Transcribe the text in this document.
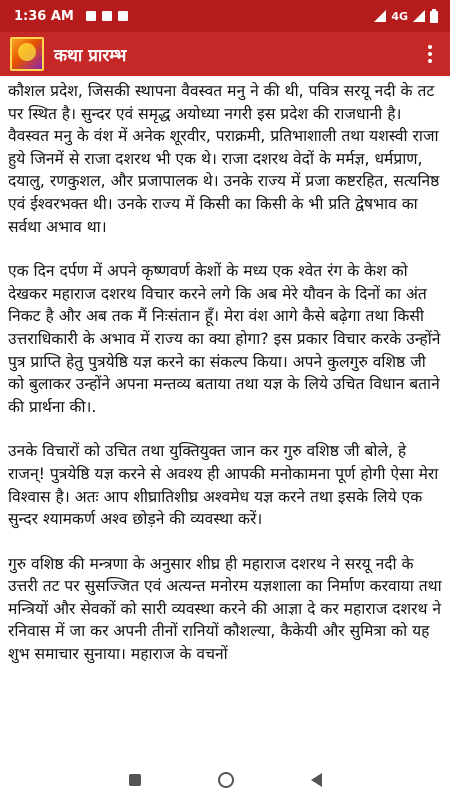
1:36 AM	4G
कथा प्रारम्भ

कौशल प्रदेश, जिसकी स्थापना वैवस्वत मनु ने की थी, पवित्र सरयू नदी के तट पर स्थित है। सुन्दर एवं समृद्ध अयोध्या नगरी इस प्रदेश की राजधानी है। वैवस्वत मनु के वंश में अनेक शूरवीर, पराक्रमी, प्रतिभाशाली तथा यशस्वी राजा हुये जिनमें से राजा दशरथ भी एक थे। राजा दशरथ वेदों के मर्मज्ञ, धर्मप्राण, दयालु, रणकुशल, और प्रजापालक थे। उनके राज्य में प्रजा कष्टरहित, सत्यनिष्ठ एवं ईश्वरभक्त थी। उनके राज्य में किसी का किसी के भी प्रति द्वेषभाव का सर्वथा अभाव था।

एक दिन दर्पण में अपने कृष्णवर्ण केशों के मध्य एक श्वेत रंग के केश को देखकर महाराज दशरथ विचार करने लगे कि अब मेरे यौवन के दिनों का अंत निकट है और अब तक मैं निःसंतान हूँ। मेरा वंश आगे कैसे बढ़ेगा तथा किसी उत्तराधिकारी के अभाव में राज्य का क्या होगा? इस प्रकार विचार करके उन्होंने पुत्र प्राप्ति हेतु पुत्रयेष्ठि यज्ञ करने का संकल्प किया। अपने कुलगुरु वशिष्ठ जी को बुलाकर उन्होंने अपना मन्तव्य बताया तथा यज्ञ के लिये उचित विधान बताने की प्रार्थना की।.

उनके विचारों को उचित तथा युक्तियुक्त जान कर गुरु वशिष्ठ जी बोले, हे राजन्! पुत्रयेष्ठि यज्ञ करने से अवश्य ही आपकी मनोकामना पूर्ण होगी ऐसा मेरा विश्वास है। अतः आप शीघ्रातिशीघ्र अश्वमेध यज्ञ करने तथा इसके लिये एक सुन्दर श्यामकर्ण अश्व छोड़ने की व्यवस्था करें।

गुरु वशिष्ठ की मन्त्रणा के अनुसार शीघ्र ही महाराज दशरथ ने सरयू नदी के उत्तरी तट पर सुसज्जित एवं अत्यन्त मनोरम यज्ञशाला का निर्माण करवाया तथा मन्त्रियों और सेवकों को सारी व्यवस्था करने की आज्ञा दे कर महाराज दशरथ ने रनिवास में जा कर अपनी तीनों रानियों कौशल्या, कैकेयी और सुमित्रा को यह शुभ समाचार सुनाया। महाराज के वचनों
